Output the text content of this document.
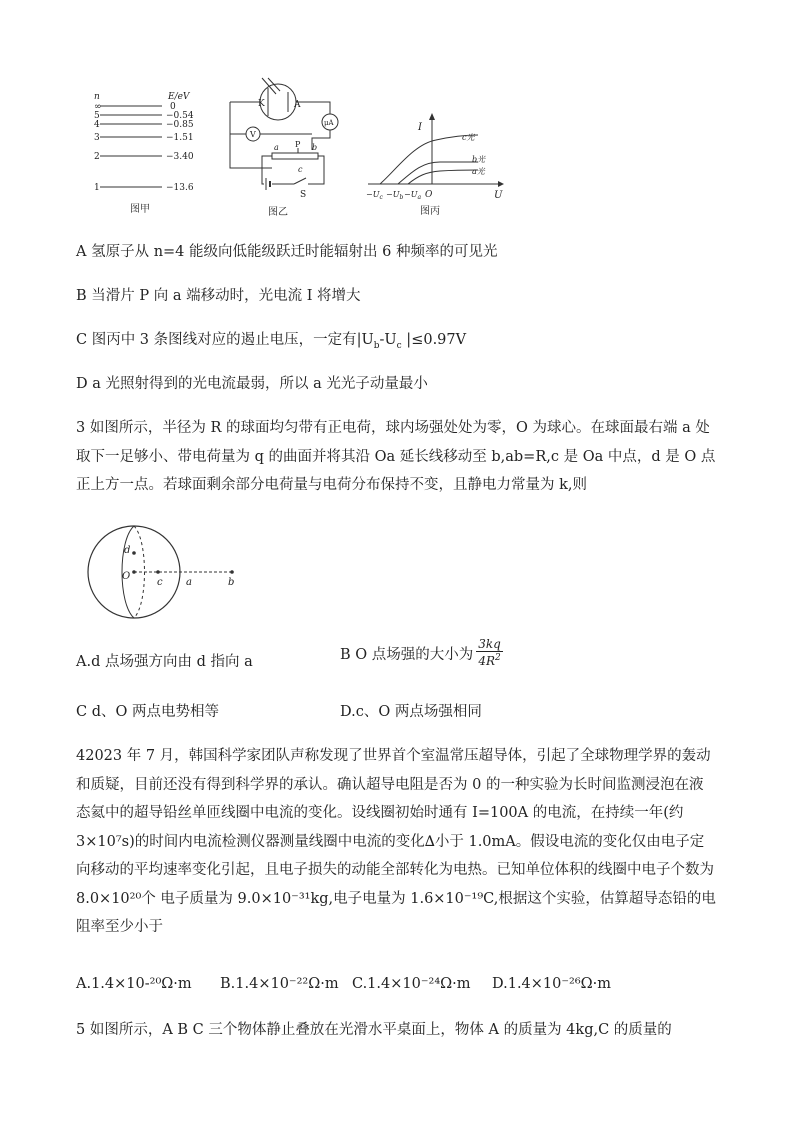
n
∞
E/eV
0
5	−0.54
4	−0.85
3	−1.51
2	−3.40
1	−13.6
图甲
K	A
μA
V
a	b
P
c
S
图乙
I
U
O
c光
b光
a光
$-U_c -U_b -U_a$
图丙
A 氢原子从 n=4 能级向低能级跃迁时能辐射出 6 种频率的可见光
B 当滑片 P 向 a 端移动时，光电流 I 将增大
C 图丙中 3 条图线对应的遏止电压，一定有$|U_b-U_c$ |≤0.97V
D a 光照射得到的光电流最弱，所以 a 光光子动量最小
3 如图所示，半径为 R 的球面均匀带有正电荷，球内场强处处为零，O 为球心。在球面最右端 a 处取下一足够小、带电荷量为 q 的曲面并将其沿 Oa 延长线移动至 b,ab=R,c 是 Oa 中点，d 是 O 点正上方一点。若球面剩余部分电荷量与电荷分布保持不变，且静电力常量为 k,则
d
O
c a	b
A.d 点场强方向由 d 指向 a	B O 点场强的大小为 $\frac{3kq}{4R^2}$
C d、O 两点电势相等	D.c、O 两点场强相同
42023 年 7 月，韩国科学家团队声称发现了世界首个室温常压超导体，引起了全球物理学界的轰动和质疑，目前还没有得到科学界的承认。确认超导电阻是否为 0 的一种实验为长时间监测浸泡在液态氦中的超导铅丝单匝线圈中电流的变化。设线圈初始时通有 I=100A 的电流，在持续一年(约 3×10⁷s)的时间内电流检测仪器测量线圈中电流的变化∆小于 1.0mA。假设电流的变化仅由电子定向移动的平均速率变化引起，且电子损失的动能全部转化为电热。已知单位体积的线圈中电子个数为 8.0×10²⁰个 电子质量为 9.0×10⁻³¹kg,电子电量为 1.6×10⁻¹⁹C,根据这个实验，估算超导态铅的电阻率至少小于
A.1.4×10-²⁰Ω·m B.1.4×10⁻²²Ω·m C.1.4×10⁻²⁴Ω·m D.1.4×10⁻²⁶Ω·m
5 如图所示，A B C 三个物体静止叠放在光滑水平桌面上，物体 A 的质量为 4kg,C 的质量的
